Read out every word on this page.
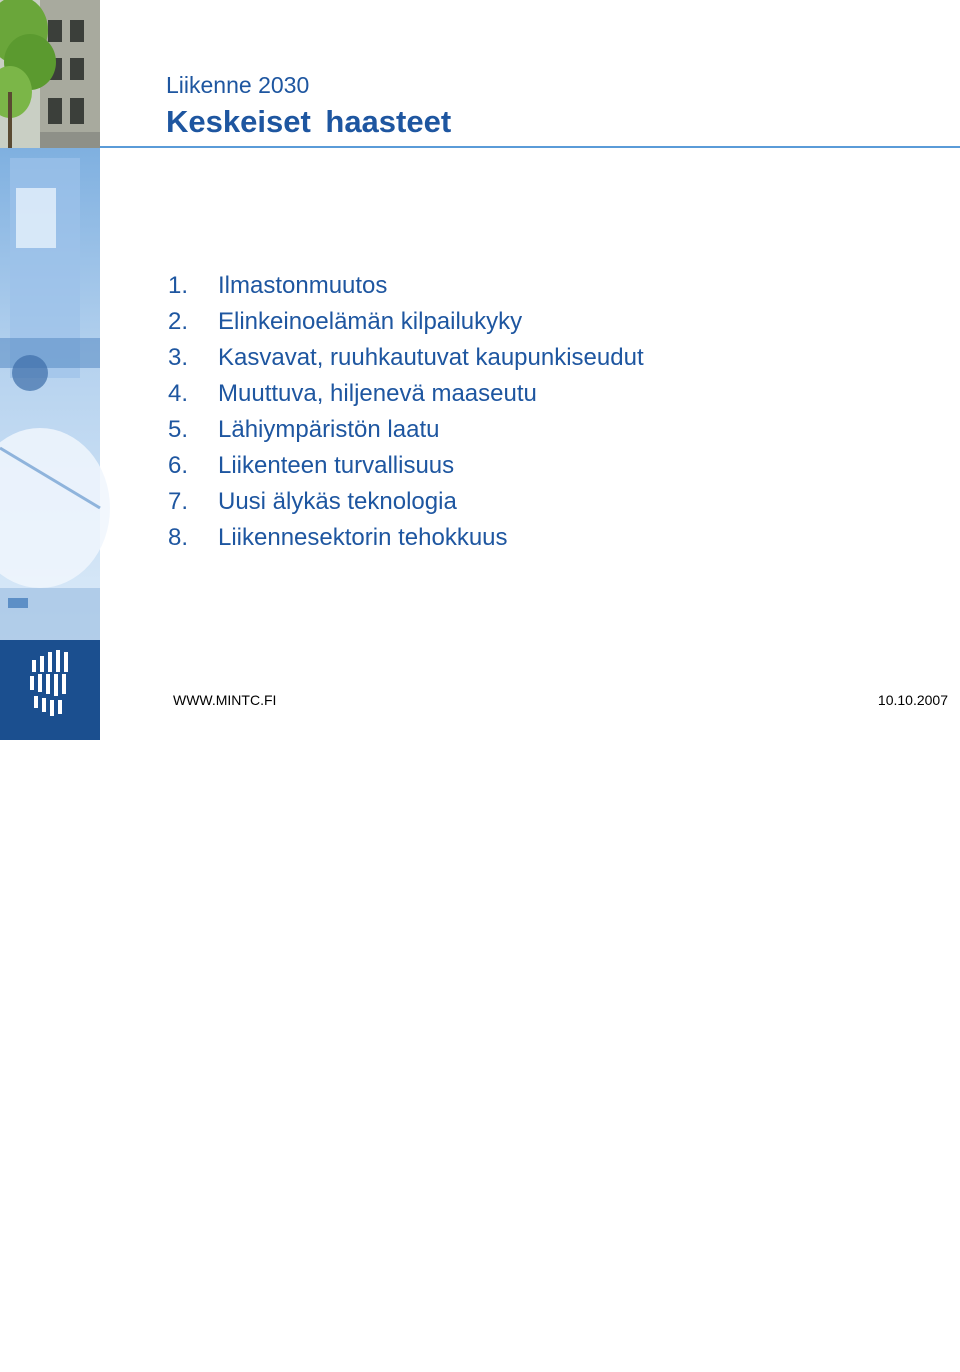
3
Liikenne 2030
Keskeiset haasteet
1.	Ilmastonmuutos
2.	Elinkeinoelämän kilpailukyky
3.	Kasvavat, ruuhkautuvat kaupunkiseudut
4.	Muuttuva, hiljenevä maaseutu
5.	Lähiympäristön laatu
6.	Liikenteen turvallisuus
7.	Uusi älykäs teknologia
8.	Liikennesektorin tehokkuus
WWW.MINTC.FI	10.10.2007
